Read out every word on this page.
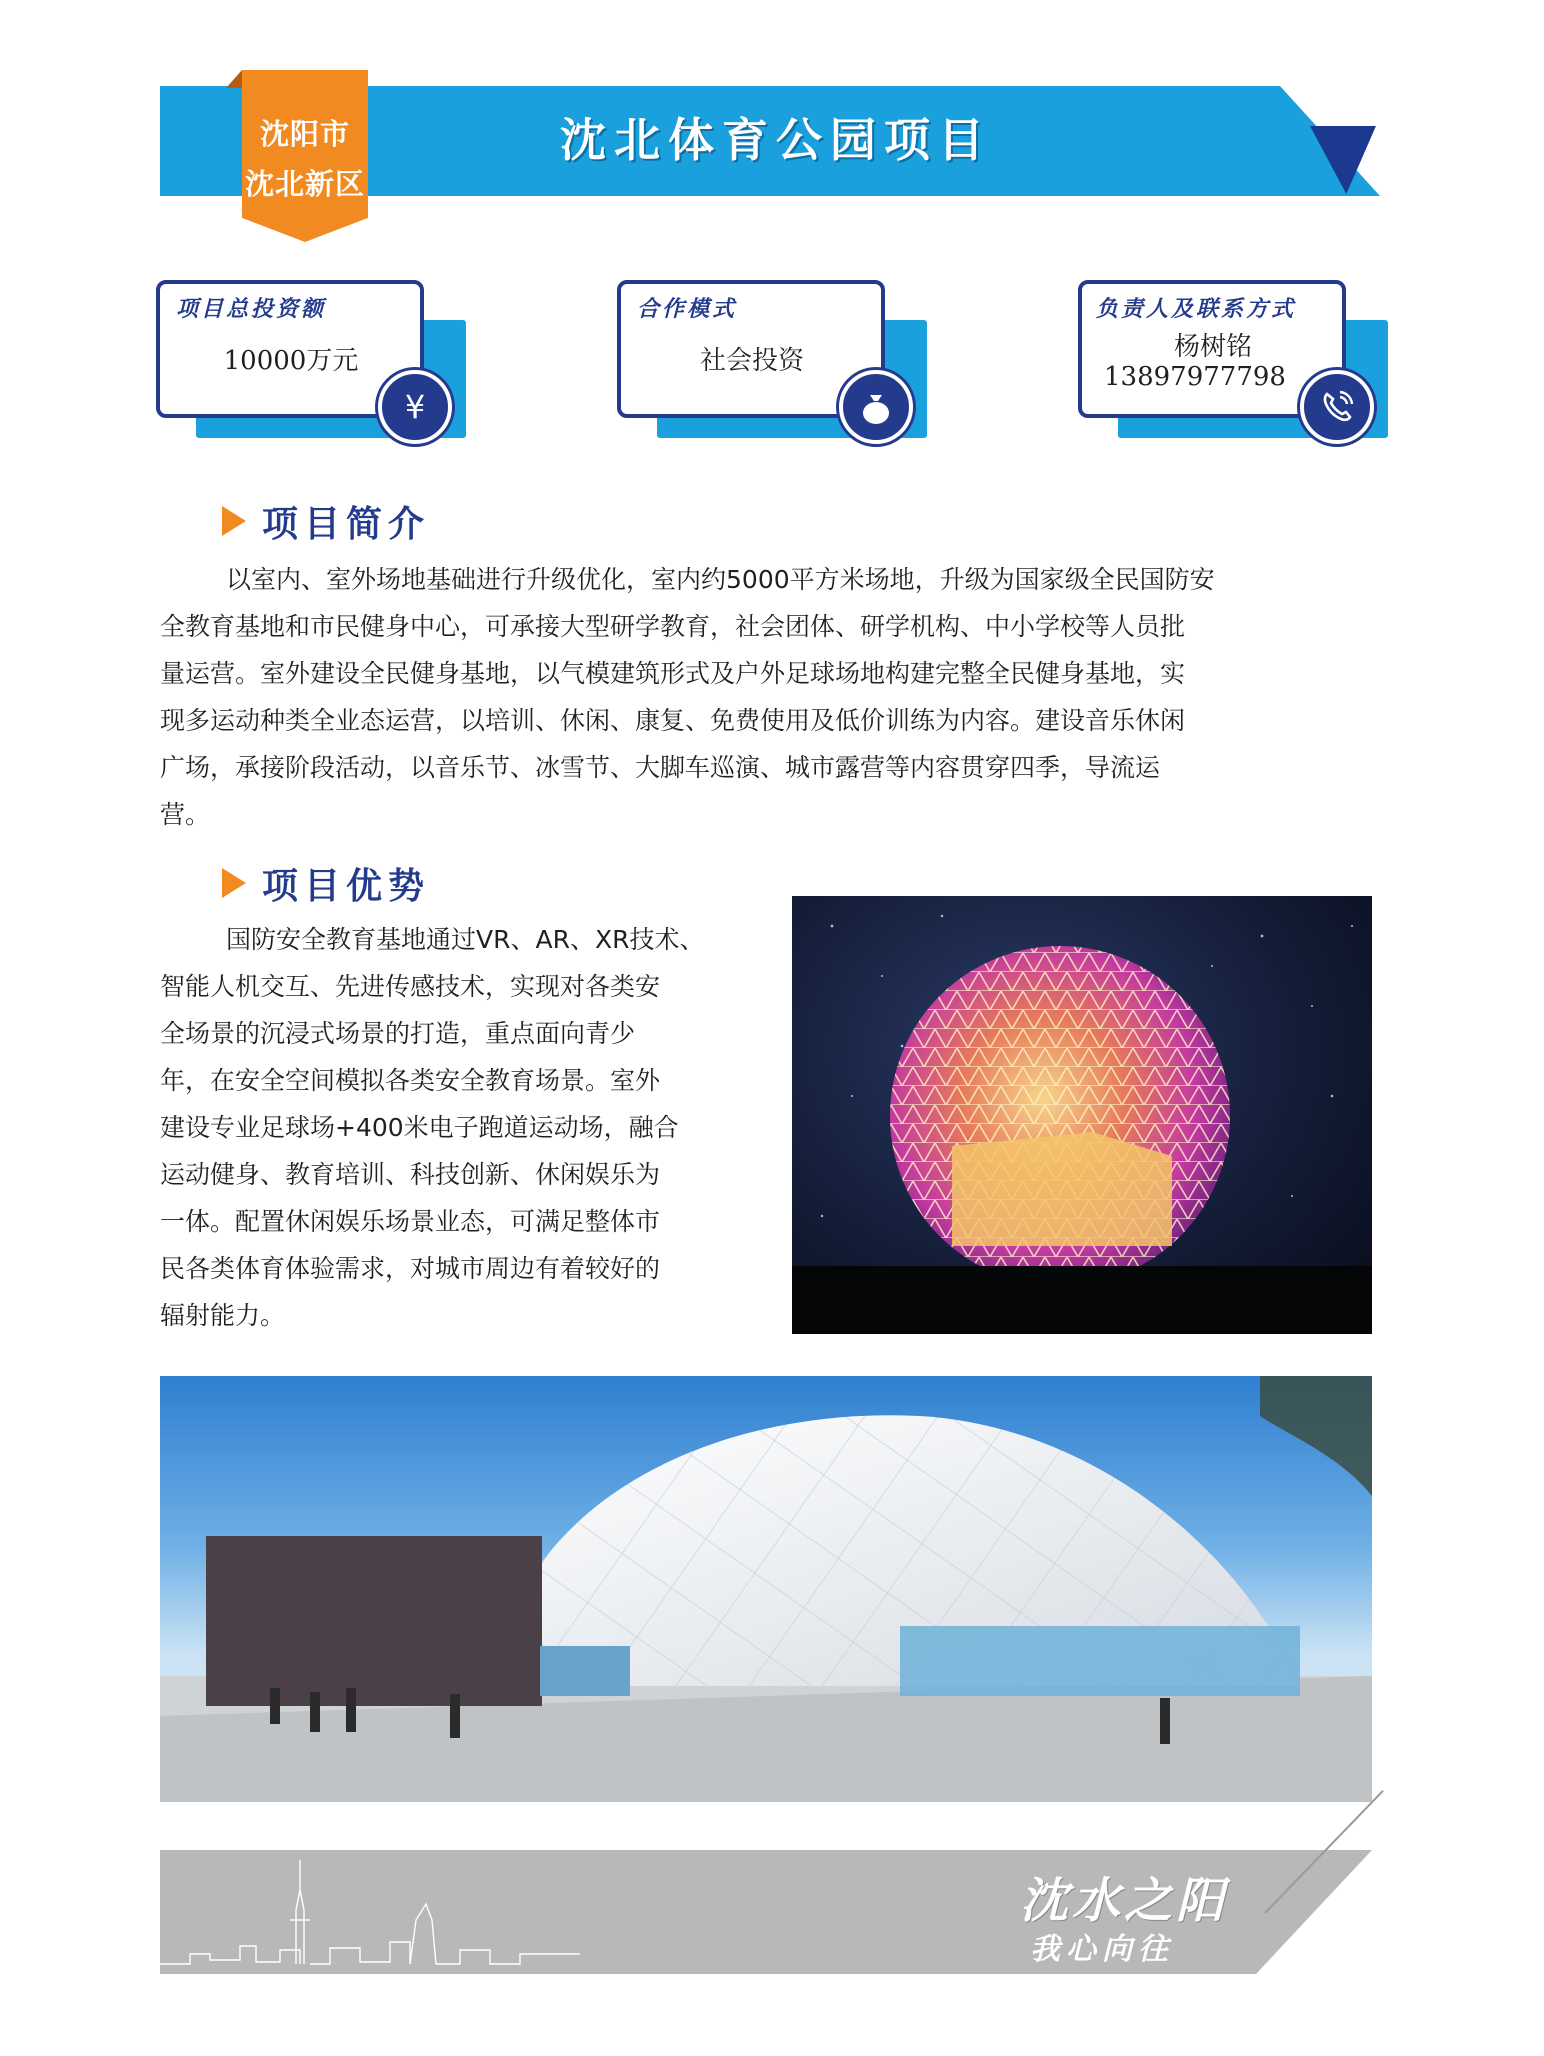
沈阳市
沈北新区
沈北体育公园项目
项目总投资额
10000万元
¥
合作模式
社会投资
负责人及联系方式
杨树铭
13897977798
项目简介
以室内、室外场地基础进行升级优化，室内约5000平方米场地，升级为国家级全民国防安
全教育基地和市民健身中心，可承接大型研学教育，社会团体、研学机构、中小学校等人员批
量运营。室外建设全民健身基地，以气模建筑形式及户外足球场地构建完整全民健身基地，实
现多运动种类全业态运营，以培训、休闲、康复、免费使用及低价训练为内容。建设音乐休闲
广场，承接阶段活动，以音乐节、冰雪节、大脚车巡演、城市露营等内容贯穿四季，导流运
营。
项目优势
国防安全教育基地通过VR、AR、XR技术、
智能人机交互、先进传感技术，实现对各类安
全场景的沉浸式场景的打造，重点面向青少
年，在安全空间模拟各类安全教育场景。室外
建设专业足球场+400米电子跑道运动场，融合
运动健身、教育培训、科技创新、休闲娱乐为
一体。配置休闲娱乐场景业态，可满足整体市
民各类体育体验需求，对城市周边有着较好的
辐射能力。
沈水之阳
我心向往	075
